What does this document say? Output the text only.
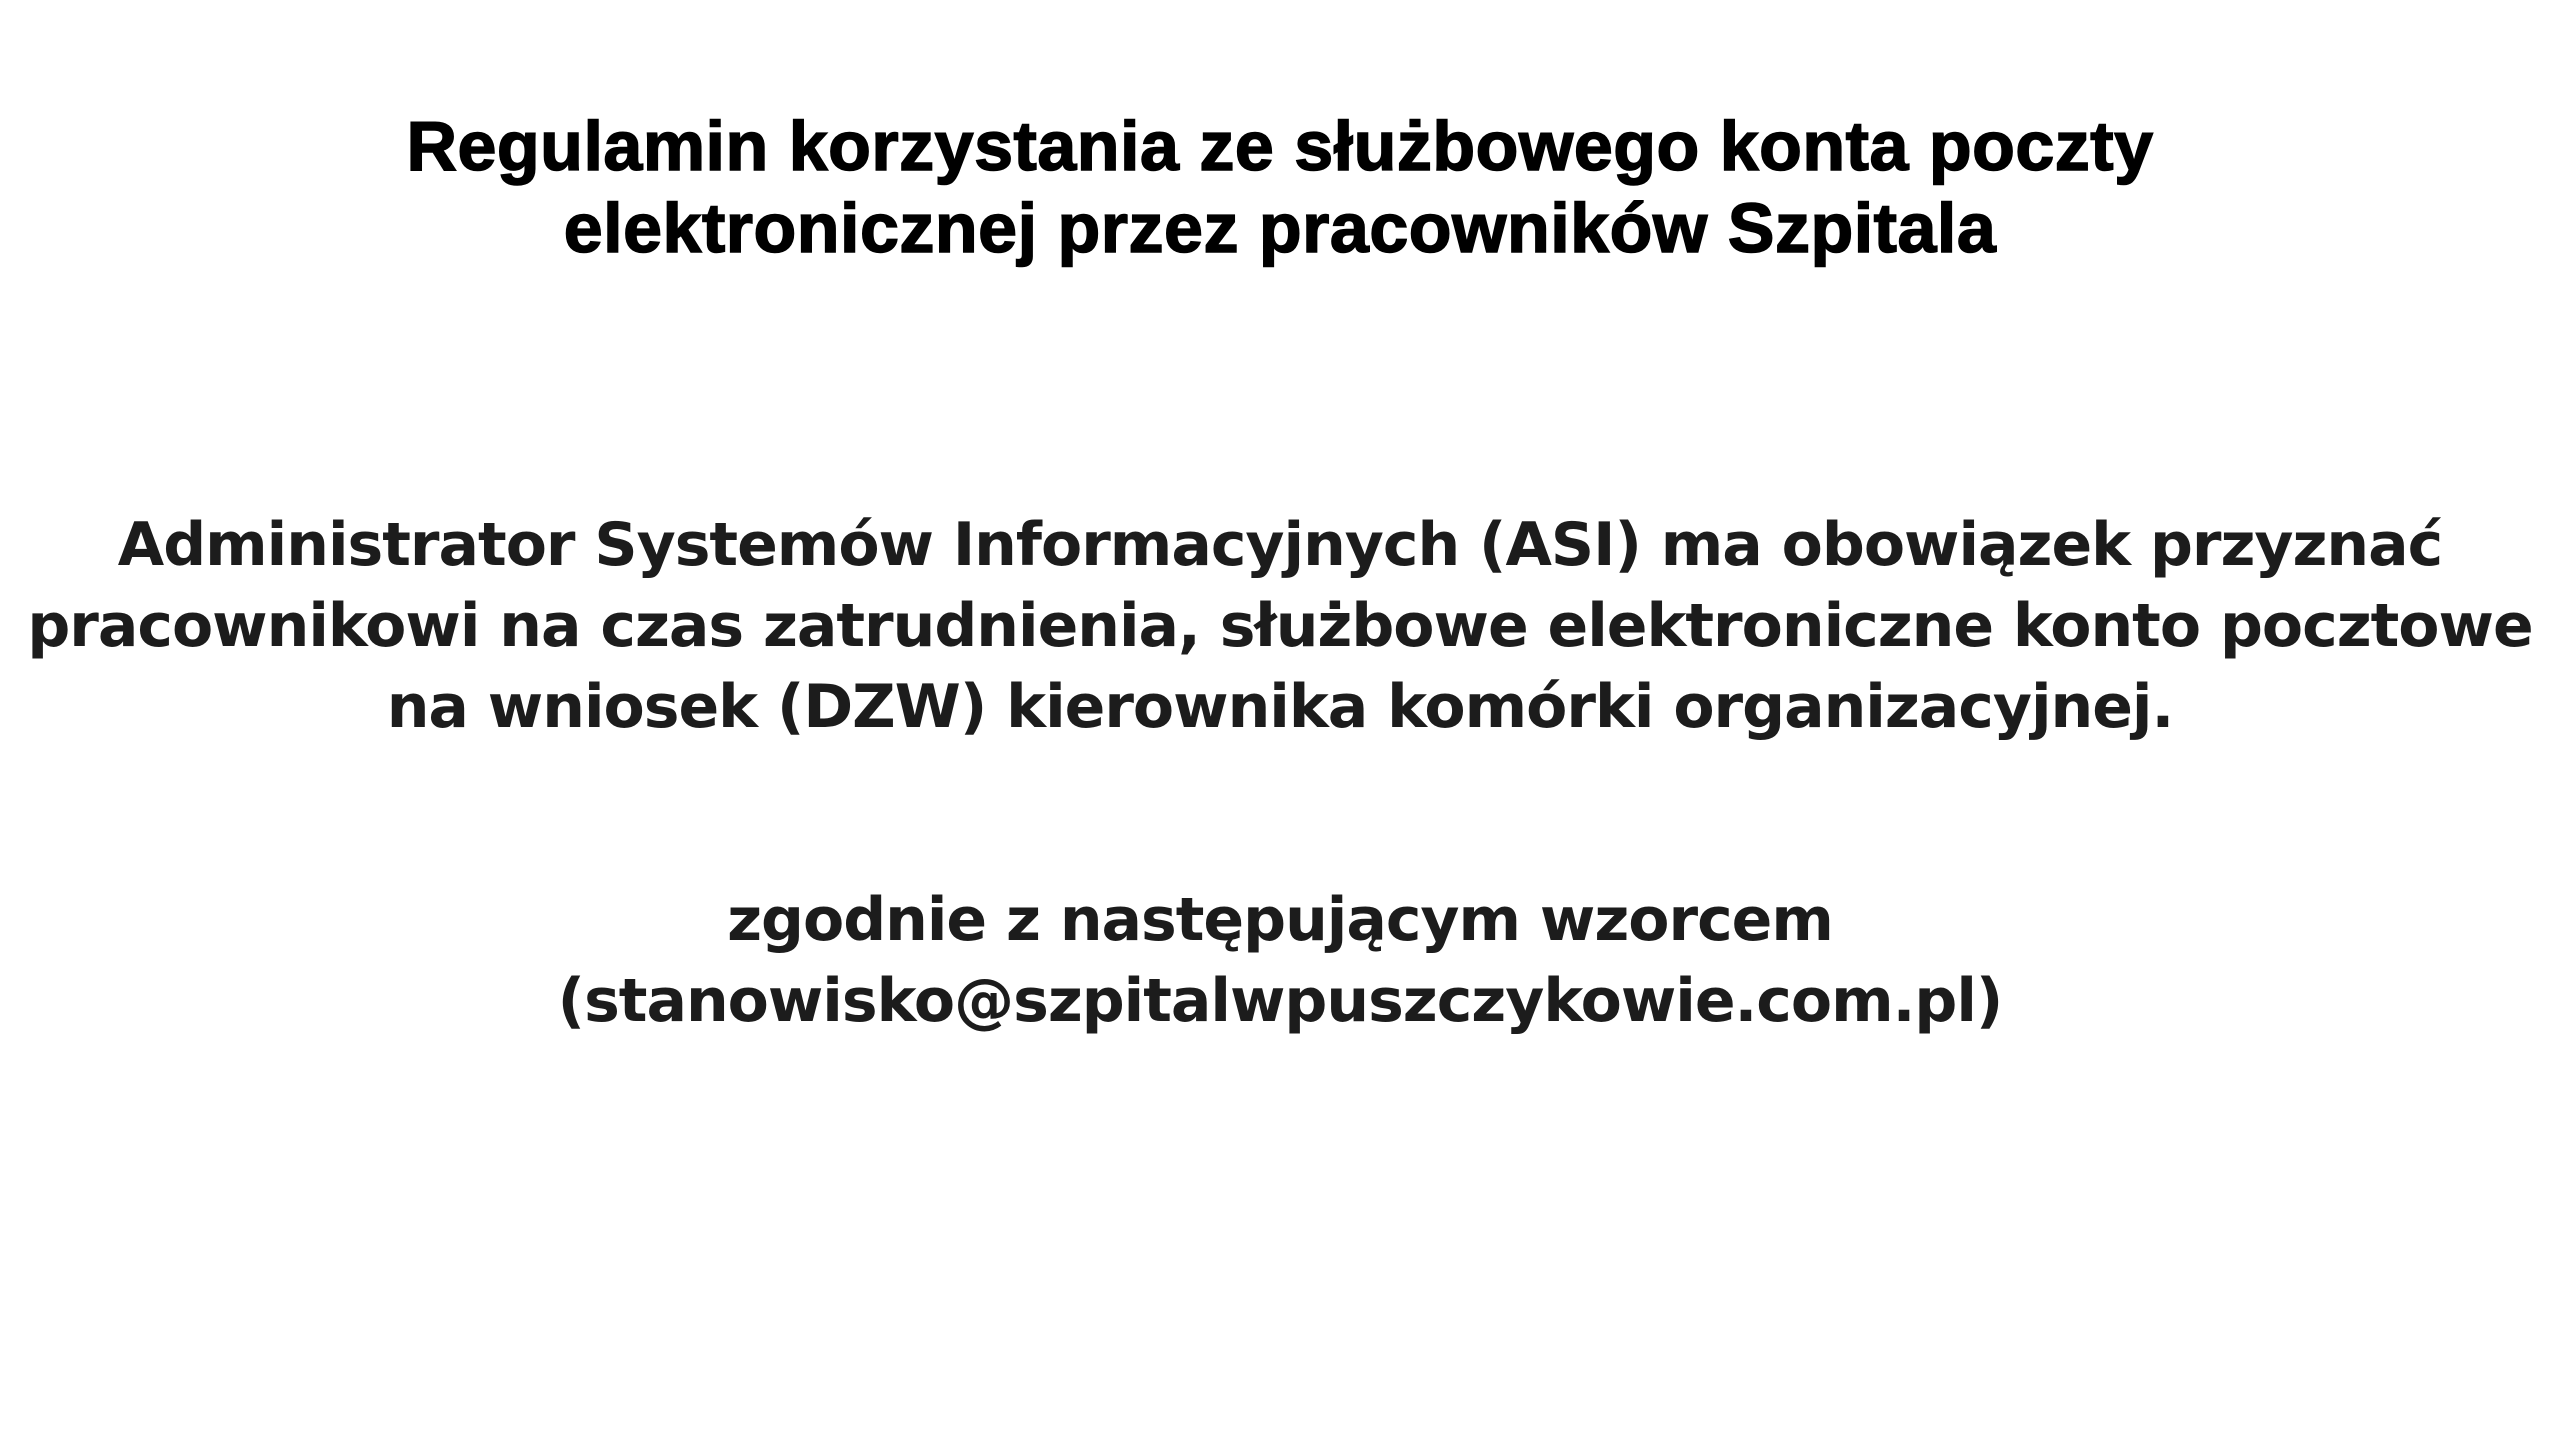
Regulamin korzystania ze służbowego konta poczty
elektronicznej przez pracowników Szpitala

Administrator Systemów Informacyjnych (ASI) ma obowiązek przyznać
pracownikowi na czas zatrudnienia, służbowe elektroniczne konto pocztowe
na wniosek (DZW) kierownika komórki organizacyjnej.

zgodnie z następującym wzorcem
(stanowisko@szpitalwpuszczykowie.com.pl)
